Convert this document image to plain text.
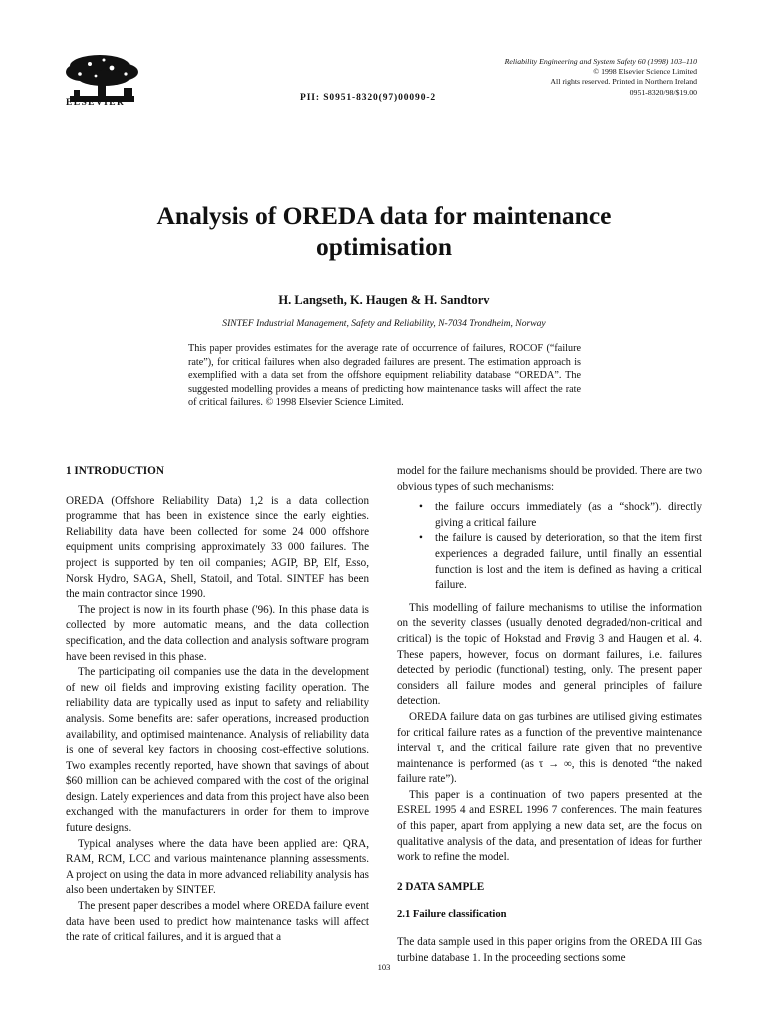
ELSEVIER	PII: S0951-8320(97)00090-2
Reliability Engineering and System Safety 60 (1998) 103–110
© 1998 Elsevier Science Limited
All rights reserved. Printed in Northern Ireland
0951-8320/98/$19.00
Analysis of OREDA data for maintenance
optimisation
H. Langseth, K. Haugen & H. Sandtorv
SINTEF Industrial Management, Safety and Reliability, N-7034 Trondheim, Norway
This paper provides estimates for the average rate of occurrence of failures, ROCOF (“failure rate”), for critical failures when also degraded failures are present. The estimation approach is exemplified with a data set from the offshore equipment reliability database “OREDA”. The suggested modelling provides a means of predicting how maintenance tasks will affect the rate of critical failures. © 1998 Elsevier Science Limited.

1 INTRODUCTION

OREDA (Offshore Reliability Data) 1,2 is a data collection programme that has been in existence since the early eighties. Reliability data have been collected for some 24 000 offshore equipment units comprising approximately 33 000 failures. The project is supported by ten oil companies; AGIP, BP, Elf, Esso, Norsk Hydro, SAGA, Shell, Statoil, and Total. SINTEF has been the main contractor since 1990.

The project is now in its fourth phase ('96). In this phase data is collected by more automatic means, and the data collection specification, and the data collection and analysis software program have been revised in this phase.

The participating oil companies use the data in the development of new oil fields and improving existing facility operation. The reliability data are typically used as input to safety and reliability analysis. Some benefits are: safer operations, increased production availability, and optimised maintenance. Analysis of reliability data is one of several key factors in choosing cost-effective solutions. Two examples recently reported, have shown that savings of about $60 million can be achieved compared with the cost of the original design. Lately experiences and data from this project have also been exchanged with the manufacturers in order for them to improve future designs.

Typical analyses where the data have been applied are: QRA, RAM, RCM, LCC and various maintenance planning assessments. A project on using the data in more advanced reliability analysis has also been undertaken by SINTEF.

The present paper describes a model where OREDA failure event data have been used to predict how maintenance tasks will affect the rate of critical failures, and it is argued that a

model for the failure mechanisms should be provided. There are two obvious types of such mechanisms:

• the failure occurs immediately (as a “shock”). directly giving a critical failure
• the failure is caused by deterioration, so that the item first experiences a degraded failure, until finally an essential function is lost and the item is defined as having a critical failure.

This modelling of failure mechanisms to utilise the information on the severity classes (usually denoted degraded/non-critical and critical) is the topic of Hokstad and Frøvig 3 and Haugen et al. 4. These papers, however, focus on dormant failures, i.e. failures detected by periodic (functional) testing, only. The present paper considers all failure modes and general principles of failure detection.

OREDA failure data on gas turbines are utilised giving estimates for critical failure rates as a function of the preventive maintenance interval τ, and the critical failure rate given that no preventive maintenance is performed (as τ → ∞, this is denoted “the naked failure rate”).

This paper is a continuation of two papers presented at the ESREL 1995 4 and ESREL 1996 7 conferences. The main features of this paper, apart from applying a new data set, are the focus on qualitative analysis of the data, and presentation of ideas for further work to refine the model.

2 DATA SAMPLE

2.1 Failure classification

The data sample used in this paper origins from the OREDA III Gas turbine database 1. In the proceeding sections some

103
